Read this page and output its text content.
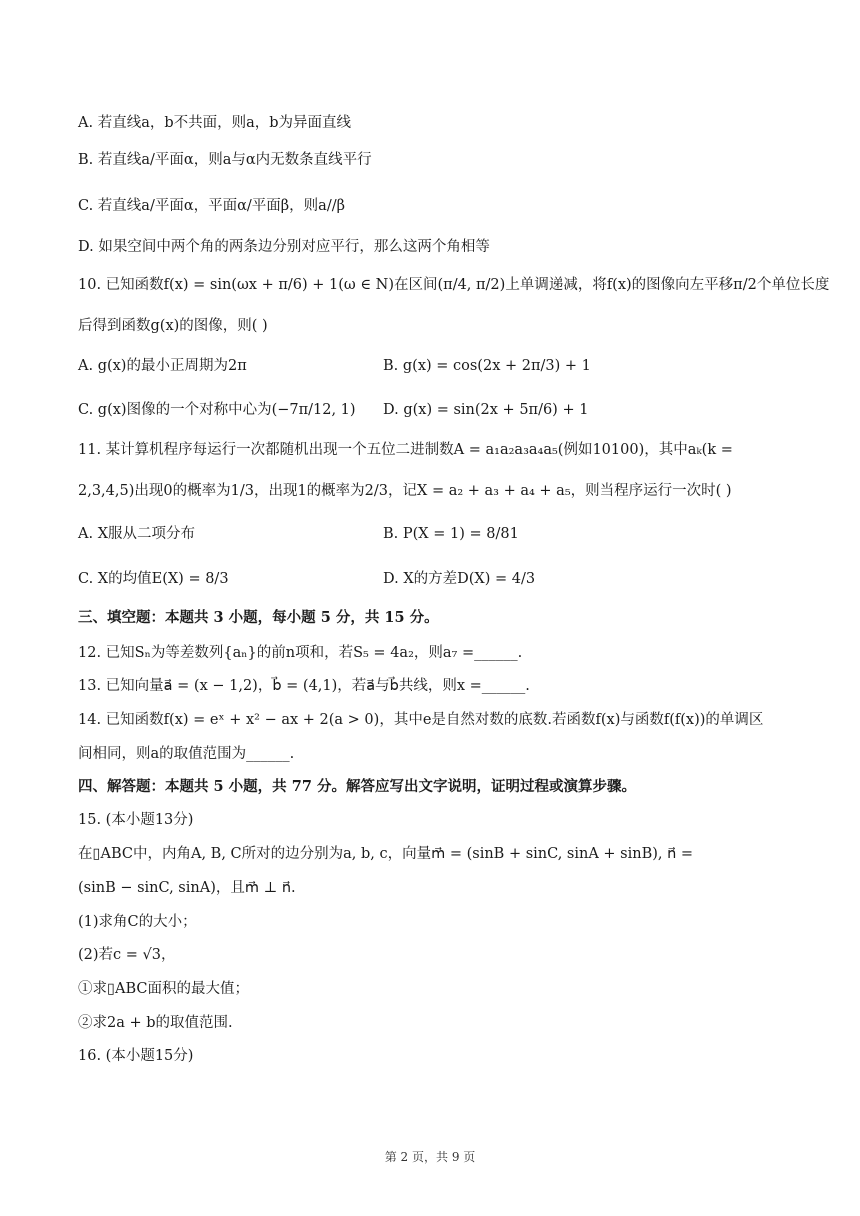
A. 若直线a，b不共面，则a，b为异面直线
B. 若直线a/平面α，则a与α内无数条直线平行
C. 若直线a/平面α，平面α/平面β，则a//β
D. 如果空间中两个角的两条边分别对应平行，那么这两个角相等
10. 已知函数f(x) = sin(ωx + π/6) + 1(ω ∈ N)在区间(π/4, π/2)上单调递减，将f(x)的图像向左平移π/2个单位长度
后得到函数g(x)的图像，则( )
A. g(x)的最小正周期为2π	B. g(x) = cos(2x + 2π/3) + 1
C. g(x)图像的一个对称中心为(−7π/12, 1) D. g(x) = sin(2x + 5π/6) + 1
11. 某计算机程序每运行一次都随机出现一个五位二进制数A = a₁a₂a₃a₄a₅(例如10100)，其中aₖ(k =
2,3,4,5)出现0的概率为1/3，出现1的概率为2/3，记X = a₂ + a₃ + a₄ + a₅，则当程序运行一次时( )
A. X服从二项分布	B. P(X = 1) = 8/81
C. X的均值E(X) = 8/3	D. X的方差D(X) = 4/3
三、填空题：本题共 3 小题，每小题 5 分，共 15 分。
12. 已知Sₙ为等差数列{aₙ}的前n项和，若S₅ = 4a₂，则a₇ =______.
13. 已知向量a⃗ = (x − 1,2)，b⃗ = (4,1)，若a⃗与b⃗共线，则x =______.
14. 已知函数f(x) = eˣ + x² − ax + 2(a > 0)，其中e是自然对数的底数.若函数f(x)与函数f(f(x))的单调区
间相同，则a的取值范围为______.
四、解答题：本题共 5 小题，共 77 分。解答应写出文字说明，证明过程或演算步骤。
15. (本小题13分)
在▯ABC中，内角A, B, C所对的边分别为a, b, c，向量m⃗ = (sinB + sinC, sinA + sinB), n⃗ =
(sinB − sinC, sinA)，且m⃗ ⊥ n⃗.
(1)求角C的大小；
(2)若c = √3，
①求▯ABC面积的最大值；
②求2a + b的取值范围.
16. (本小题15分)
第 2 页，共 9 页
